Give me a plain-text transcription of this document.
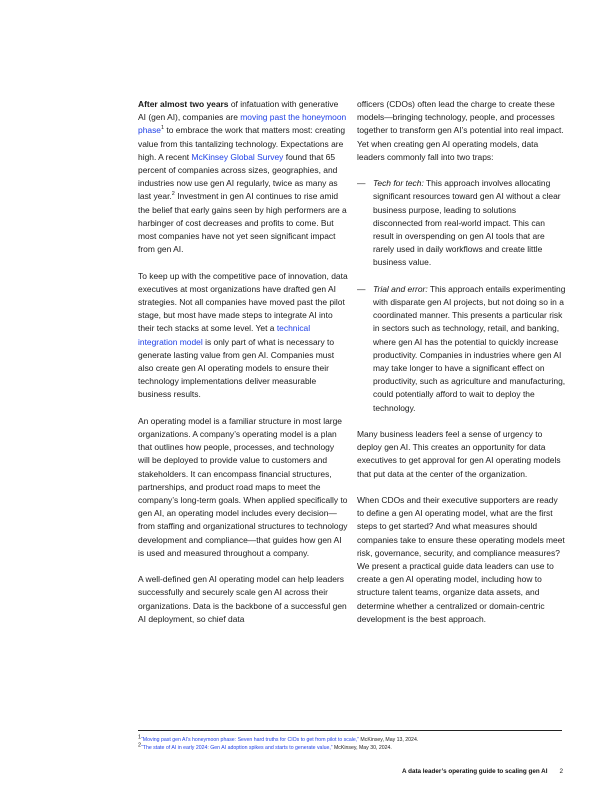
After almost two years of infatuation with generative AI (gen AI), companies are moving past the honeymoon phase$^1$ to embrace the work that matters most: creating value from this tantalizing technology. Expectations are high. A recent McKinsey Global Survey found that 65 percent of companies across sizes, geographies, and industries now use gen AI regularly, twice as many as last year.$^2$ Investment in gen AI continues to rise amid the belief that early gains seen by high performers are a harbinger of cost decreases and profits to come. But most companies have not yet seen significant impact from gen AI.

To keep up with the competitive pace of innovation, data executives at most organizations have drafted gen AI strategies. Not all companies have moved past the pilot stage, but most have made steps to integrate AI into their tech stacks at some level. Yet a technical integration model is only part of what is necessary to generate lasting value from gen AI. Companies must also create gen AI operating models to ensure their technology implementations deliver measurable business results.

An operating model is a familiar structure in most large organizations. A company’s operating model is a plan that outlines how people, processes, and technology will be deployed to provide value to customers and stakeholders. It can encompass financial structures, partnerships, and product road maps to meet the company’s long-term goals. When applied specifically to gen AI, an operating model includes every decision—from staffing and organizational structures to technology development and compliance—that guides how gen AI is used and measured throughout a company.

A well-defined gen AI operating model can help leaders successfully and securely scale gen AI across their organizations. Data is the backbone of a successful gen AI deployment, so chief data

officers (CDOs) often lead the charge to create these models—bringing technology, people, and processes together to transform gen AI’s potential into real impact. Yet when creating gen AI operating models, data leaders commonly fall into two traps:

— Tech for tech: This approach involves allocating significant resources toward gen AI without a clear business purpose, leading to solutions disconnected from real-world impact. This can result in overspending on gen AI tools that are rarely used in daily workflows and create little business value.
— Trial and error: This approach entails experimenting with disparate gen AI projects, but not doing so in a coordinated manner. This presents a particular risk in sectors such as technology, retail, and banking, where gen AI has the potential to quickly increase productivity. Companies in industries where gen AI may take longer to have a significant effect on productivity, such as agriculture and manufacturing, could potentially afford to wait to deploy the technology.

Many business leaders feel a sense of urgency to deploy gen AI. This creates an opportunity for data executives to get approval for gen AI operating models that put data at the center of the organization.

When CDOs and their executive supporters are ready to define a gen AI operating model, what are the first steps to get started? And what measures should companies take to ensure these operating models meet risk, governance, security, and compliance measures? We present a practical guide data leaders can use to create a gen AI operating model, including how to structure talent teams, organize data assets, and determine whether a centralized or domain-centric development is the best approach.

$^1$“Moving past gen AI’s honeymoon phase: Seven hard truths for CIOs to get from pilot to scale,” McKinsey, May 13, 2024.
$^2$“The state of AI in early 2024: Gen AI adoption spikes and starts to generate value,” McKinsey, May 30, 2024.
A data leader’s operating guide to scaling gen AI 2
